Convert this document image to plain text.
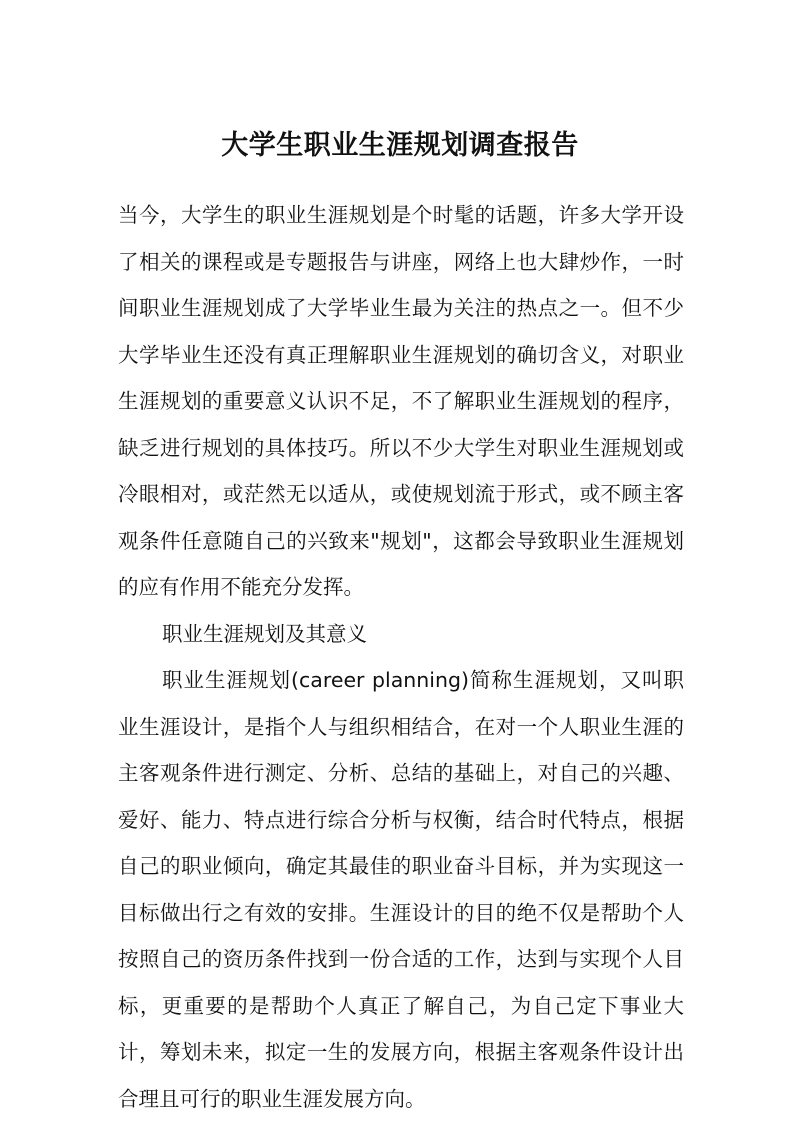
大学生职业生涯规划调查报告

当今，大学生的职业生涯规划是个时髦的话题，许多大学开设了相关的课程或是专题报告与讲座，网络上也大肆炒作，一时间职业生涯规划成了大学毕业生最为关注的热点之一。但不少大学毕业生还没有真正理解职业生涯规划的确切含义，对职业生涯规划的重要意义认识不足，不了解职业生涯规划的程序，缺乏进行规划的具体技巧。所以不少大学生对职业生涯规划或冷眼相对，或茫然无以适从，或使规划流于形式，或不顾主客观条件任意随自己的兴致来"规划"，这都会导致职业生涯规划的应有作用不能充分发挥。

职业生涯规划及其意义

职业生涯规划(career planning)简称生涯规划，又叫职业生涯设计，是指个人与组织相结合，在对一个人职业生涯的主客观条件进行测定、分析、总结的基础上，对自己的兴趣、爱好、能力、特点进行综合分析与权衡，结合时代特点，根据自己的职业倾向，确定其最佳的职业奋斗目标，并为实现这一目标做出行之有效的安排。生涯设计的目的绝不仅是帮助个人按照自己的资历条件找到一份合适的工作，达到与实现个人目标，更重要的是帮助个人真正了解自己，为自己定下事业大计，筹划未来，拟定一生的发展方向，根据主客观条件设计出合理且可行的职业生涯发展方向。
